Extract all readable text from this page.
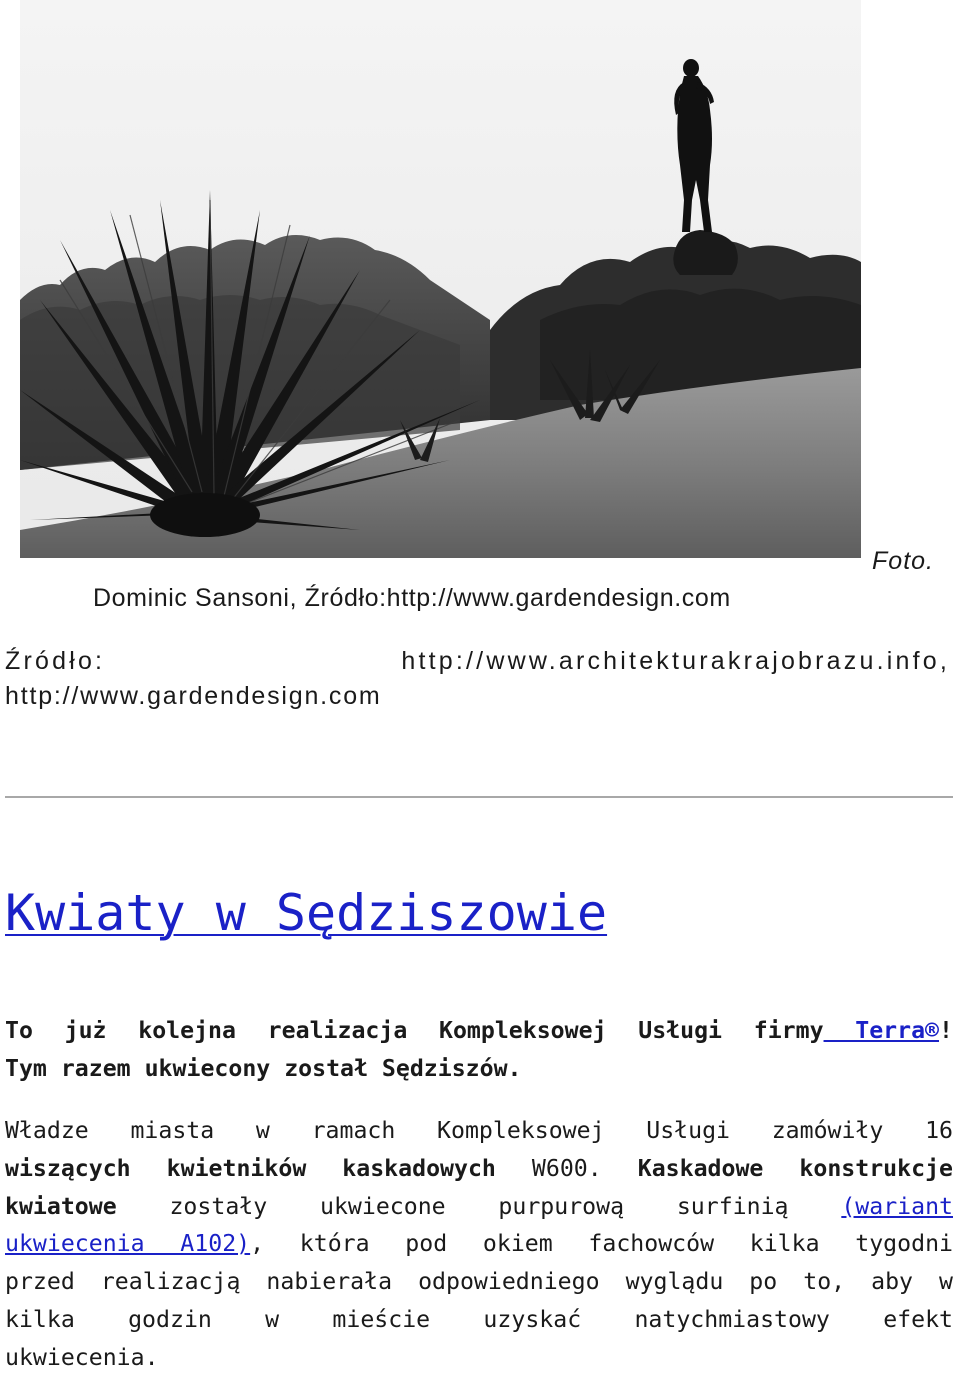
Foto.
Dominic Sansoni, Źródło:http://www.gardendesign.com
Źródło:	http://www.architekturakrajobrazu.info,
http://www.gardendesign.com
Kwiaty w Sędziszowie
To już kolejna realizacja Kompleksowej Usługi firmy Terra®!
Tym razem ukwiecony został Sędziszów.
Władze miasta w ramach Kompleksowej Usługi zamówiły 16
wiszących kwietników kaskadowych W600. Kaskadowe konstrukcje
kwiatowe zostały ukwiecone purpurową surfinią (wariant
ukwiecenia A102), która pod okiem fachowców kilka tygodni
przed realizacją nabierała odpowiedniego wyglądu po to, aby w
kilka godzin w mieście uzyskać natychmiastowy efekt
ukwiecenia.
